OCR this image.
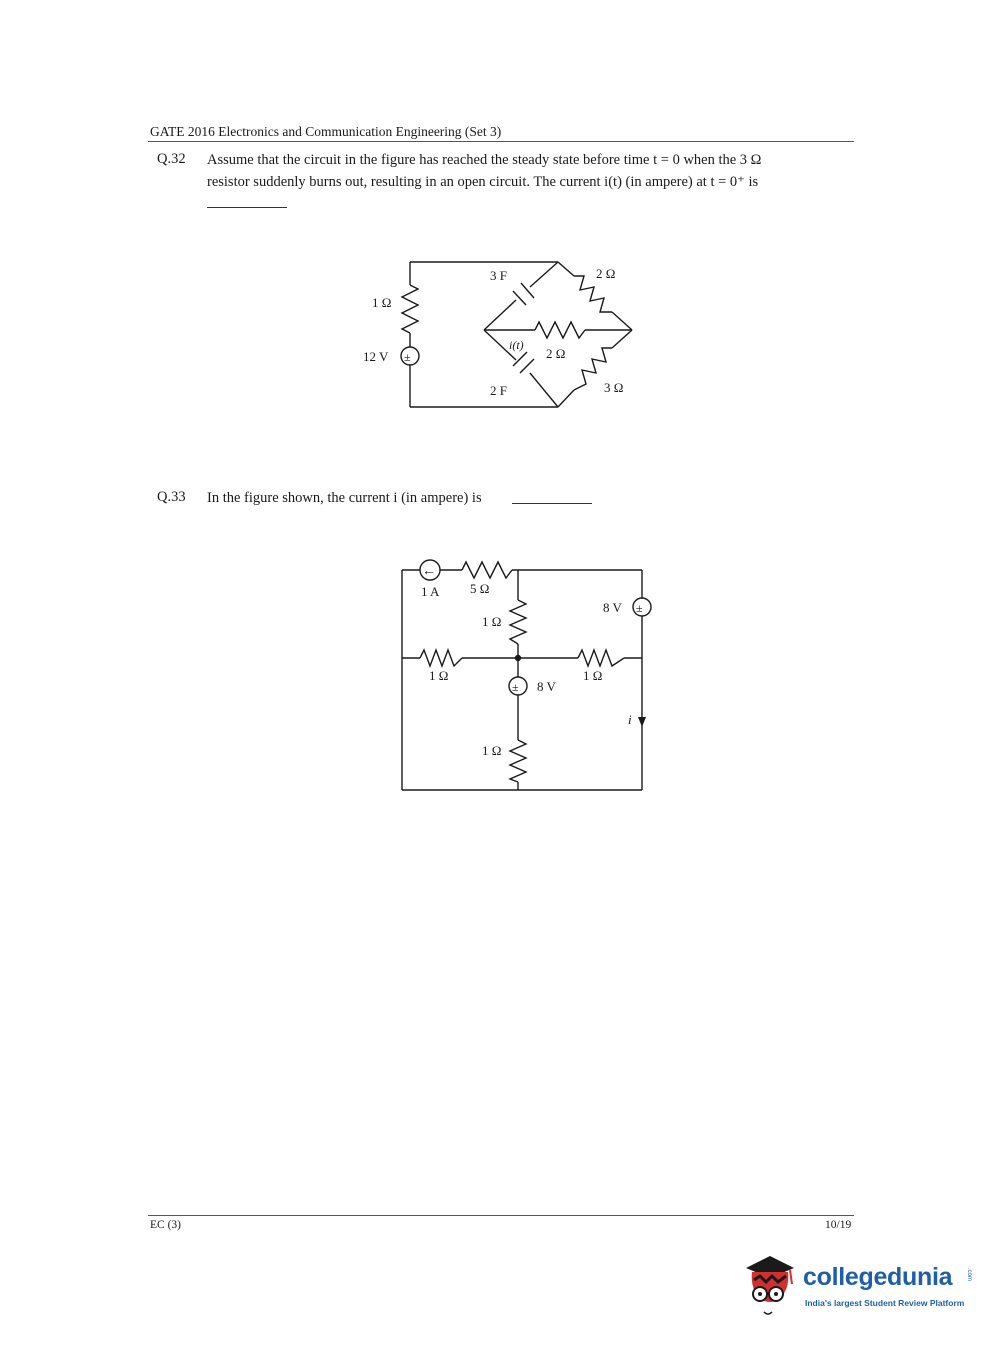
GATE 2016 Electronics and Communication Engineering (Set 3)
Q.32 Assume that the circuit in the figure has reached the steady state before time t = 0 when the 3 Ω
resistor suddenly burns out, resulting in an open circuit. The current i(t) (in ampere) at t = 0⁺ is
1 Ω
12 V ±
3 F
2 F
2 Ω
2 Ω
3 Ω
i(t)
Q.33 In the figure shown, the current i (in ampere) is
←
1 A 5 Ω
1 Ω
8 V ±
1 Ω	1 Ω
± 8 V
1 Ω
i
EC (3)	10/19
collegedunia .com
India's largest Student Review Platform
